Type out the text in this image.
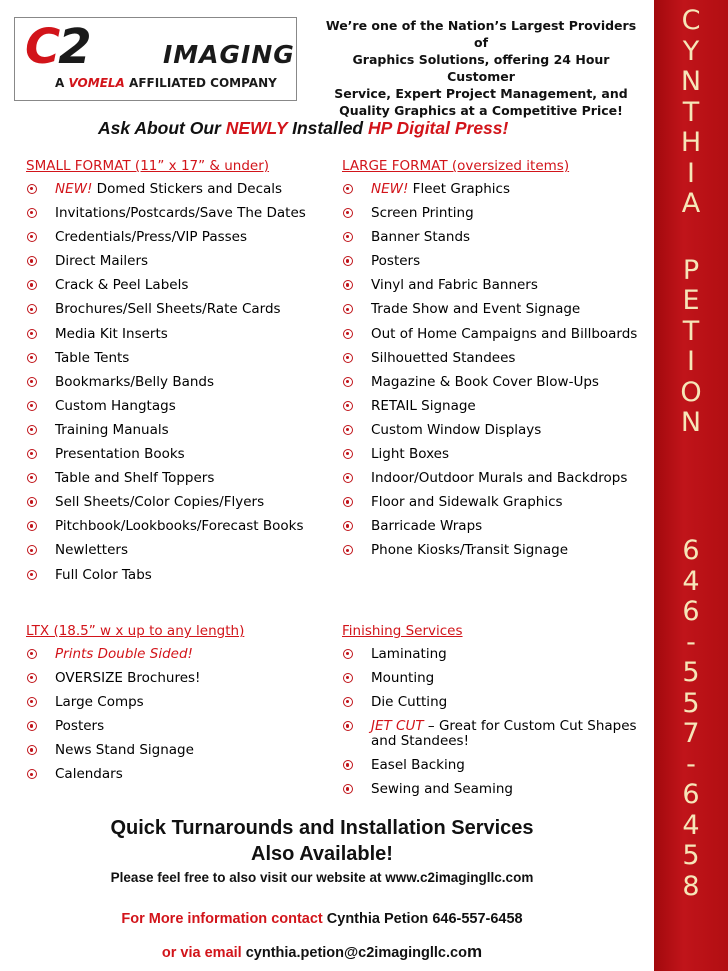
C
Y
N
T
H
I
A
P
E
T
I
O
N
6
4
6
-
5
5
7
-
6
4
5
8
C2	IMAGING
A VOMELA AFFILIATED COMPANY
We’re one of the Nation’s Largest Providers of
Graphics Solutions, offering 24 Hour Customer
Service, Expert Project Management, and
Quality Graphics at a Competitive Price!
Ask About Our NEWLY Installed HP Digital Press!
SMALL FORMAT (11” x 17” & under)
NEW! Domed Stickers and Decals
Invitations/Postcards/Save The Dates
Credentials/Press/VIP Passes
Direct Mailers
Crack & Peel Labels
Brochures/Sell Sheets/Rate Cards
Media Kit Inserts
Table Tents
Bookmarks/Belly Bands
Custom Hangtags
Training Manuals
Presentation Books
Table and Shelf Toppers
Sell Sheets/Color Copies/Flyers
Pitchbook/Lookbooks/Forecast Books
Newletters
Full Color Tabs
LARGE FORMAT (oversized items)
NEW! Fleet Graphics
Screen Printing
Banner Stands
Posters
Vinyl and Fabric Banners
Trade Show and Event Signage
Out of Home Campaigns and Billboards
Silhouetted Standees
Magazine & Book Cover Blow-Ups
RETAIL Signage
Custom Window Displays
Light Boxes
Indoor/Outdoor Murals and Backdrops
Floor and Sidewalk Graphics
Barricade Wraps
Phone Kiosks/Transit Signage
LTX (18.5” w x up to any length)
Prints Double Sided!
OVERSIZE Brochures!
Large Comps
Posters
News Stand Signage
Calendars
Finishing Services
Laminating
Mounting
Die Cutting
JET CUT – Great for Custom Cut Shapes and Standees!
Easel Backing
Sewing and Seaming
Quick Turnarounds and Installation Services
Also Available!
Please feel free to also visit our website at www.c2imagingllc.com
For More information contact Cynthia Petion 646-557-6458
or via email cynthia.petion@c2imagingllc.com
